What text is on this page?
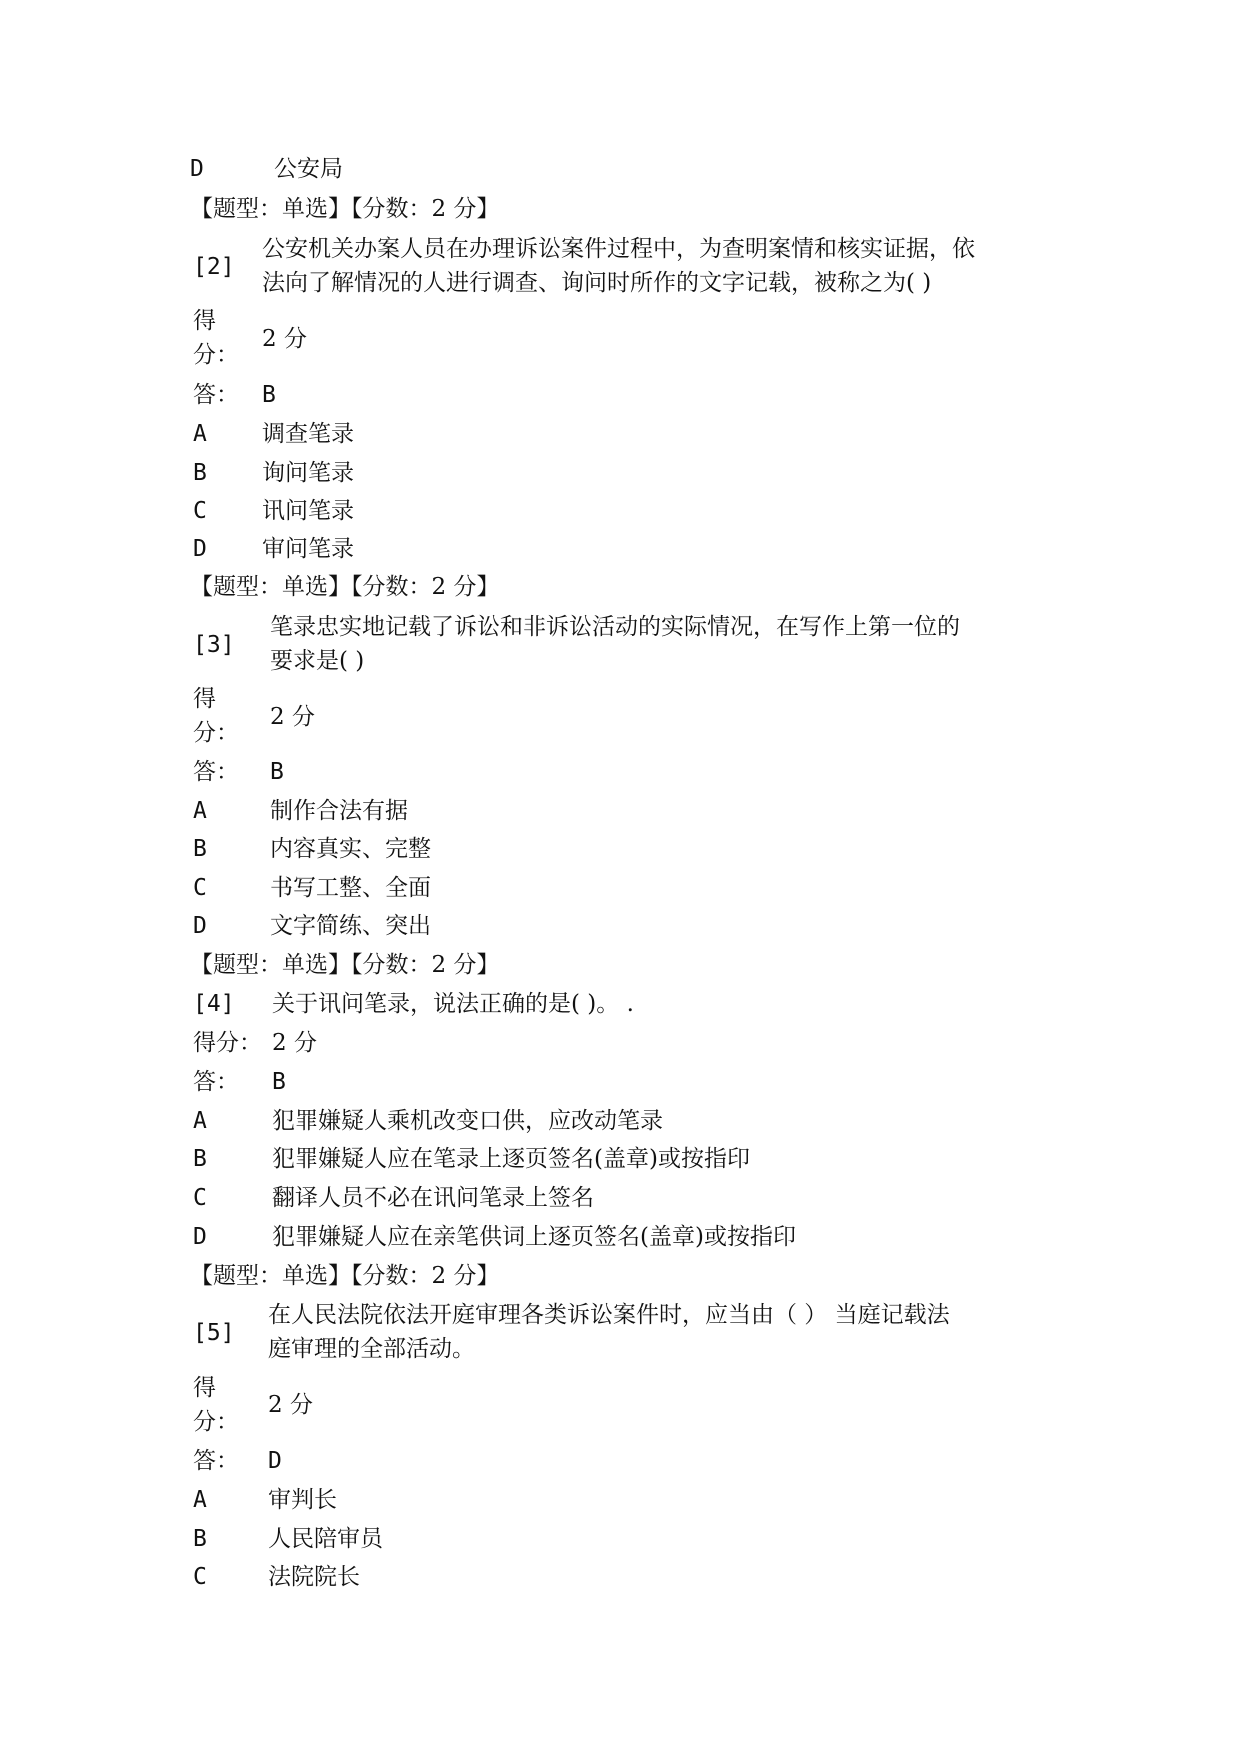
D	公安局
【题型：单选】【分数：2 分】
[2]
公安机关办案人员在办理诉讼案件过程中，为查明案情和核实证据，依
法向了解情况的人进行调查、询问时所作的文字记载，被称之为( )
得
分：
2 分
答： B
A 调查笔录
B 询问笔录
C 讯问笔录
D 审问笔录
【题型：单选】【分数：2 分】
[3]
笔录忠实地记载了诉讼和非诉讼活动的实际情况，在写作上第一位的
要求是( )
得
分：
2 分
答： B
A	制作合法有据
B	内容真实、完整
C	书写工整、全面
D	文字简练、突出
【题型：单选】【分数：2 分】
[4] 关于讯问笔录，说法正确的是( )。 .
得分： 2 分
答： B
A	犯罪嫌疑人乘机改变口供，应改动笔录
B	犯罪嫌疑人应在笔录上逐页签名(盖章)或按指印
C	翻译人员不必在讯问笔录上签名
D	犯罪嫌疑人应在亲笔供词上逐页签名(盖章)或按指印
【题型：单选】【分数：2 分】
[5]
在人民法院依法开庭审理各类诉讼案件时，应当由（ ） 当庭记载法
庭审理的全部活动。
得
分：
2 分
答： D
A	审判长
B	人民陪审员
C	法院院长
